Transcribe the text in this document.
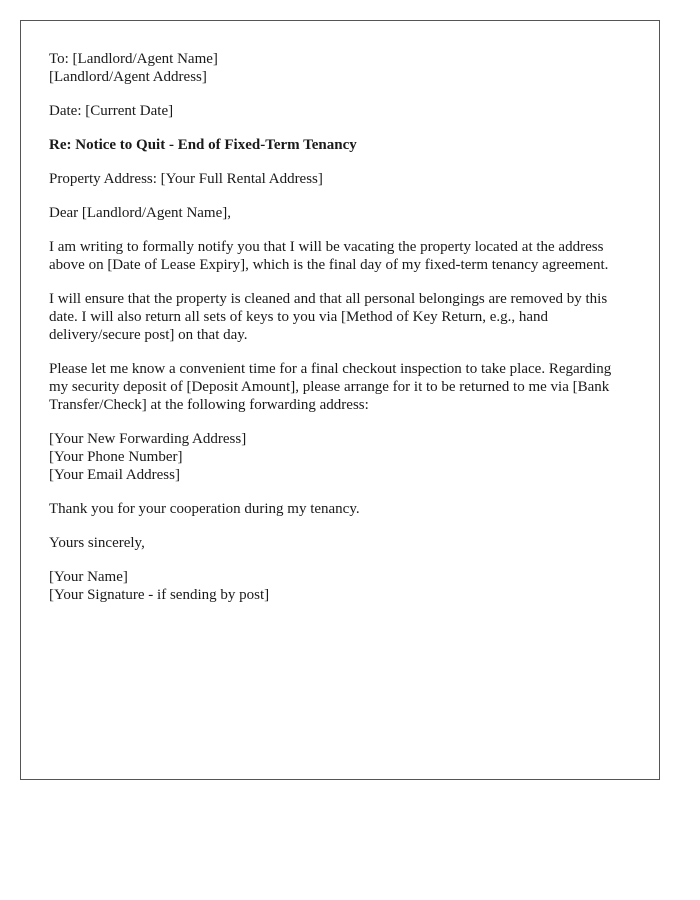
To: [Landlord/Agent Name]
[Landlord/Agent Address]
Date: [Current Date]
Re: Notice to Quit - End of Fixed-Term Tenancy
Property Address: [Your Full Rental Address]
Dear [Landlord/Agent Name],
I am writing to formally notify you that I will be vacating the property located at the address above on [Date of Lease Expiry], which is the final day of my fixed-term tenancy agreement.
I will ensure that the property is cleaned and that all personal belongings are removed by this date. I will also return all sets of keys to you via [Method of Key Return, e.g., hand delivery/secure post] on that day.
Please let me know a convenient time for a final checkout inspection to take place. Regarding my security deposit of [Deposit Amount], please arrange for it to be returned to me via [Bank Transfer/Check] at the following forwarding address:
[Your New Forwarding Address]
[Your Phone Number]
[Your Email Address]
Thank you for your cooperation during my tenancy.
Yours sincerely,
[Your Name]
[Your Signature - if sending by post]
